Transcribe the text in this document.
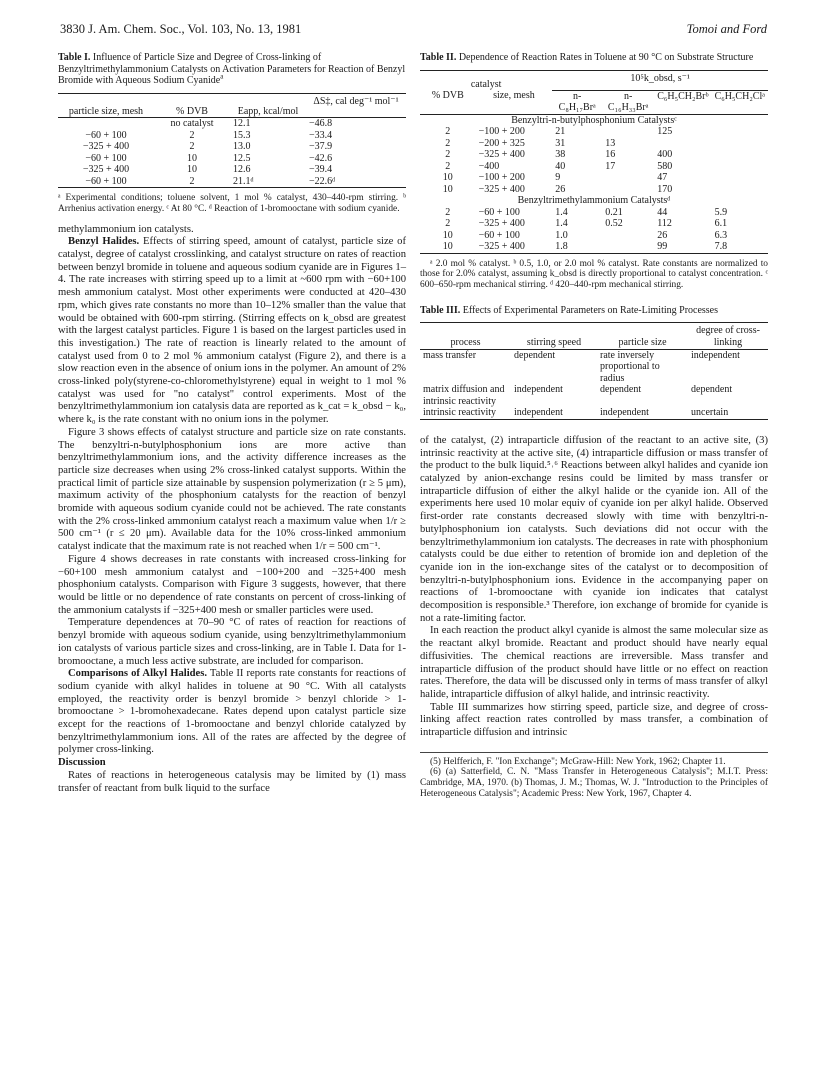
3830 J. Am. Chem. Soc., Vol. 103, No. 13, 1981	Tomoi and Ford
Table I. Influence of Particle Size and Degree of Cross-linking of Benzyltrimethylammonium Catalysts on Activation Parameters for Reaction of Benzyl Bromide with Aqueous Sodium Cyanide$^a$
particle size, mesh	% DVB	Eapp, kcal/mol	ΔS‡, cal deg⁻¹ mol⁻¹
	no catalyst	12.1	−46.8
−60 + 100	2	15.3	−33.4
−325 + 400	2	13.0	−37.9
−60 + 100	10	12.5	−42.6
−325 + 400	10	12.6	−39.4
−60 + 100	2	21.1ᵈ	−22.6ᵈ

ᵃ Experimental conditions; toluene solvent, 1 mol % catalyst, 430–440-rpm stirring. ᵇ Arrhenius activation energy. ᶜ At 80 °C. ᵈ Reaction of 1-bromooctane with sodium cyanide.

methylammonium ion catalysts.

Benzyl Halides. Effects of stirring speed, amount of catalyst, particle size of catalyst, degree of catalyst crosslinking, and catalyst structure on rates of reaction between benzyl bromide in toluene and aqueous sodium cyanide are in Figures 1–4. The rate increases with stirring speed up to a limit at ~600 rpm with −60+100 mesh ammonium catalyst. Most other experiments were conducted at 420–430 rpm, which gives rate constants no more than 10–12% smaller than the value that would be obtained with 600-rpm stirring. (Stirring effects on k_obsd are greatest with the largest catalyst particles. Figure 1 is based on the largest particles used in this investigation.) The rate of reaction is linearly related to the amount of catalyst used from 0 to 2 mol % ammonium catalyst (Figure 2), and there is a slow reaction even in the absence of onium ions in the polymer. An amount of 2% cross-linked poly(styrene-co-chloromethylstyrene) equal in weight to 1 mol % catalyst was used for "no catalyst" control experiments. Most of the benzyltrimethylammonium ion catalysis data are reported as k_cat = k_obsd − k₀, where k₀ is the rate constant with no onium ions in the polymer.

Figure 3 shows effects of catalyst structure and particle size on rate constants. The benzyltri-n-butylphosphonium ions are more active than benzyltrimethylammonium ions, and the activity difference increases as the particle size decreases when using 2% cross-linked catalyst supports. Within the practical limit of particle size attainable by suspension polymerization (r ≥ 5 μm), maximum activity of the phosphonium catalysts for the reaction of benzyl bromide with aqueous sodium cyanide could not be achieved. The rate constants with the 2% cross-linked ammonium catalyst reach a maximum value when 1/r ≥ 500 cm⁻¹ (r ≤ 20 μm). Available data for the 10% cross-linked ammonium catalyst indicate that the maximum rate is not reached when 1/r = 500 cm⁻¹.

Figure 4 shows decreases in rate constants with increased cross-linking for −60+100 mesh ammonium catalyst and −100+200 and −325+400 mesh phosphonium catalysts. Comparison with Figure 3 suggests, however, that there would be little or no dependence of rate constants on percent of cross-linking of the ammonium catalysts if −325+400 mesh or smaller particles were used.

Temperature dependences at 70–90 °C of rates of reaction for reactions of benzyl bromide with aqueous sodium cyanide, using benzyltrimethylammonium ion catalysts of various particle sizes and cross-linking, are in Table I. Data for 1-bromooctane, a much less active substrate, are included for comparison.

Comparisons of Alkyl Halides. Table II reports rate constants for reactions of sodium cyanide with alkyl halides in toluene at 90 °C. With all catalysts employed, the reactivity order is benzyl bromide > benzyl chloride > 1-bromooctane > 1-bromohexadecane. Rates depend upon catalyst particle size except for the reactions of 1-bromooctane and benzyl chloride catalyzed by benzyltrimethylammonium ions. All of the rates are affected by the degree of polymer cross-linking.

Discussion

Rates of reactions in heterogeneous catalysis may be limited by (1) mass transfer of reactant from bulk liquid to the surface

Table II. Dependence of Reaction Rates in Toluene at 90 °C on Substrate Structure
catalyst		10⁵k_obsd, s⁻¹			
% DVB	size, mesh	n-C₈H₁₇Brᵃ	n-C₁₆H₃₃Brᵃ	C₆H₅CH₂Brᵇ	C₆H₅CH₂Clᵃ
Benzyltri-n-butylphosphonium Catalystsᶜ					
2	−100 + 200	21		125	
2	−200 + 325	31	13		
2	−325 + 400	38	16	400	
2	−400	40	17	580	
10	−100 + 200	9		47	
10	−325 + 400	26		170	
Benzyltrimethylammonium Catalystsᵈ					
2	−60 + 100	1.4	0.21	44	5.9
2	−325 + 400	1.4	0.52	112	6.1
10	−60 + 100	1.0		26	6.3
10	−325 + 400	1.8		99	7.8

ᵃ 2.0 mol % catalyst. ᵇ 0.5, 1.0, or 2.0 mol % catalyst. Rate constants are normalized to those for 2.0% catalyst, assuming k_obsd is directly proportional to catalyst concentration. ᶜ 600–650-rpm mechanical stirring. ᵈ 420–440-rpm mechanical stirring.

Table III. Effects of Experimental Parameters on Rate-Limiting Processes
process	stirring speed	particle size	degree of cross-linking
mass transfer	dependent	rate inversely proportional to radius	independent
matrix diffusion and intrinsic reactivity	independent	dependent	dependent
intrinsic reactivity	independent	independent	uncertain

of the catalyst, (2) intraparticle diffusion of the reactant to an active site, (3) intrinsic reactivity at the active site, (4) intraparticle diffusion or mass transfer of the product to the bulk liquid.⁵˒⁶ Reactions between alkyl halides and cyanide ion catalyzed by anion-exchange resins could be limited by mass transfer or intraparticle diffusion of either the alkyl halide or the cyanide ion. All of the experiments here used 10 molar equiv of cyanide ion per alkyl halide. Observed first-order rate constants decreased slowly with time with benzyltri-n-butylphosphonium ion catalysts. Such deviations did not occur with the benzyltrimethylammonium ion catalysts. The decreases in rate with phosphonium catalysts could be due either to retention of bromide ion and depletion of the cyanide ion in the ion-exchange sites of the catalyst or to decomposition of benzyltri-n-butylphosphonium ions. Evidence in the accompanying paper on reactions of 1-bromooctane with cyanide ion indicates that catalyst decomposition is responsible.³ Therefore, ion exchange of bromide for cyanide is not a rate-limiting factor.

In each reaction the product alkyl cyanide is almost the same molecular size as the reactant alkyl bromide. Reactant and product should have nearly equal diffusivities. The chemical reactions are irreversible. Mass transfer and intraparticle diffusion of the product should have little or no effect on reaction rates. Therefore, the data will be discussed only in terms of mass transfer of alkyl halide, intraparticle diffusion of alkyl halide, and intrinsic reactivity.

Table III summarizes how stirring speed, particle size, and degree of cross-linking affect reaction rates controlled by mass transfer, a combination of intraparticle diffusion and intrinsic

(5) Helfferich, F. "Ion Exchange"; McGraw-Hill: New York, 1962; Chapter 11.
(6) (a) Satterfield, C. N. "Mass Transfer in Heterogeneous Catalysis"; M.I.T. Press: Cambridge, MA, 1970. (b) Thomas, J. M.; Thomas, W. J. "Introduction to the Principles of Heterogeneous Catalysis"; Academic Press: New York, 1967, Chapter 4.
